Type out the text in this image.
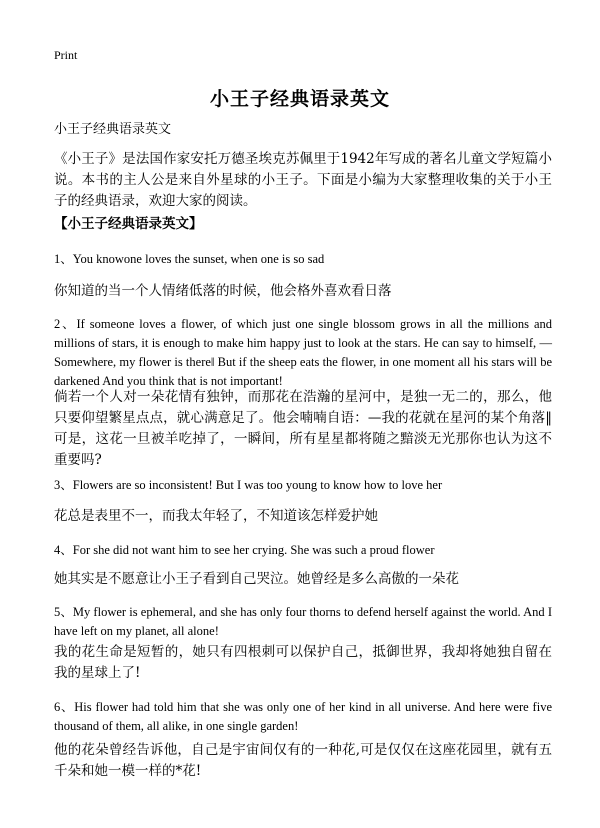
Print
小王子经典语录英文
小王子经典语录英文
《小王子》是法国作家安托万德圣埃克苏佩里于1942年写成的著名儿童文学短篇小说。本书的主人公是来自外星球的小王子。下面是小编为大家整理收集的关于小王子的经典语录，欢迎大家的阅读。
【小王子经典语录英文】
1、You knowone loves the sunset, when one is so sad
你知道的当一个人情绪低落的时候，他会格外喜欢看日落
2、If someone loves a flower, of which just one single blossom grows in all the millions and millions of stars, it is enough to make him happy just to look at the stars. He can say to himself, —Somewhere, my flower is there‖ But if the sheep eats the flower, in one moment all his stars will be darkened And you think that is not important!
倘若一个人对一朵花情有独钟，而那花在浩瀚的星河中，是独一无二的，那么，他只要仰望繁星点点，就心满意足了。他会喃喃自语：—我的花就在星河的某个角落‖可是，这花一旦被羊吃掉了，一瞬间，所有星星都将随之黯淡无光那你也认为这不重要吗?
3、Flowers are so inconsistent! But I was too young to know how to love her
花总是表里不一，而我太年轻了，不知道该怎样爱护她
4、For she did not want him to see her crying. She was such a proud flower
她其实是不愿意让小王子看到自己哭泣。她曾经是多么高傲的一朵花
5、My flower is ephemeral, and she has only four thorns to defend herself against the world. And I have left on my planet, all alone!
我的花生命是短暂的，她只有四根刺可以保护自己，抵御世界，我却将她独自留在我的星球上了!
6、His flower had told him that she was only one of her kind in all universe. And here were five thousand of them, all alike, in one single garden!
他的花朵曾经告诉他，自己是宇宙间仅有的一种花,可是仅仅在这座花园里，就有五千朵和她一模一样的*花!
